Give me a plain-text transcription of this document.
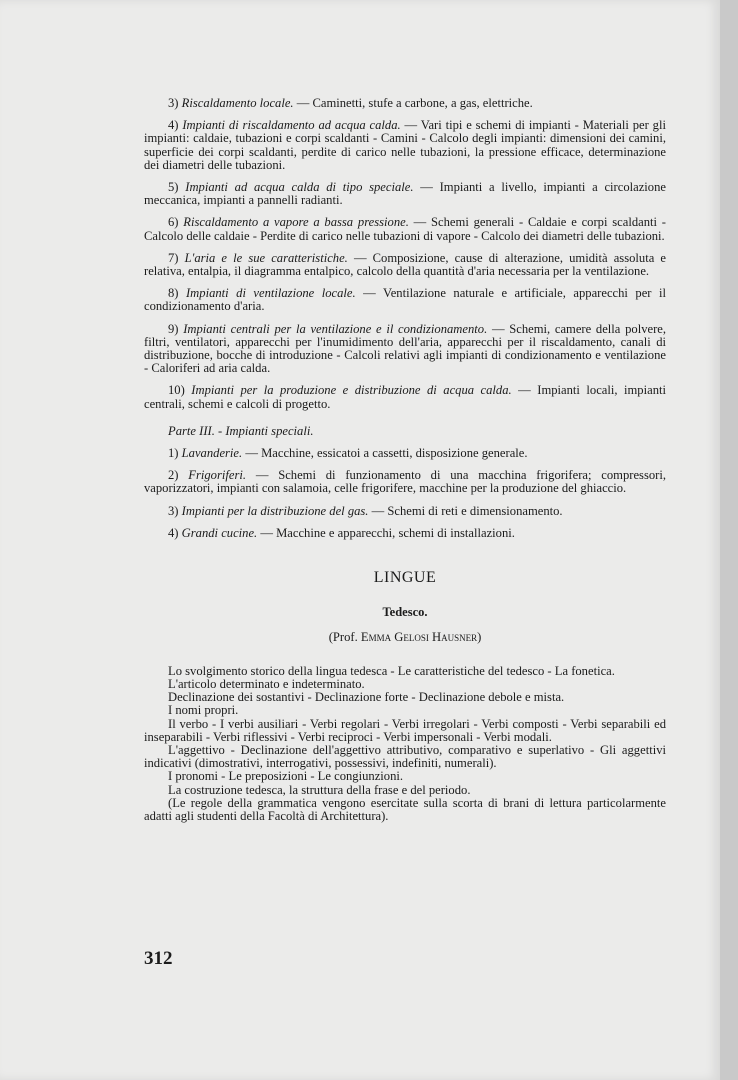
3) Riscaldamento locale. — Caminetti, stufe a carbone, a gas, elettriche.

4) Impianti di riscaldamento ad acqua calda. — Vari tipi e schemi di impianti - Materiali per gli impianti: caldaie, tubazioni e corpi scaldanti - Camini - Calcolo degli impianti: dimensioni dei camini, superficie dei corpi scaldanti, perdite di carico nelle tubazioni, la pressione efficace, determinazione dei diametri delle tubazioni.

5) Impianti ad acqua calda di tipo speciale. — Impianti a livello, impianti a circolazione meccanica, impianti a pannelli radianti.

6) Riscaldamento a vapore a bassa pressione. — Schemi generali - Caldaie e corpi scaldanti - Calcolo delle caldaie - Perdite di carico nelle tubazioni di vapore - Calcolo dei diametri delle tubazioni.

7) L'aria e le sue caratteristiche. — Composizione, cause di alterazione, umidità assoluta e relativa, entalpia, il diagramma entalpico, calcolo della quantità d'aria necessaria per la ventilazione.

8) Impianti di ventilazione locale. — Ventilazione naturale e artificiale, apparecchi per il condizionamento d'aria.

9) Impianti centrali per la ventilazione e il condizionamento. — Schemi, camere della polvere, filtri, ventilatori, apparecchi per l'inumidimento dell'aria, apparecchi per il riscaldamento, canali di distribuzione, bocche di introduzione - Calcoli relativi agli impianti di condizionamento e ventilazione - Caloriferi ad aria calda.

10) Impianti per la produzione e distribuzione di acqua calda. — Impianti locali, impianti centrali, schemi e calcoli di progetto.

Parte III. - Impianti speciali.

1) Lavanderie. — Macchine, essicatoi a cassetti, disposizione generale.

2) Frigoriferi. — Schemi di funzionamento di una macchina frigorifera; compressori, vaporizzatori, impianti con salamoia, celle frigorifere, macchine per la produzione del ghiaccio.

3) Impianti per la distribuzione del gas. — Schemi di reti e dimensionamento.

4) Grandi cucine. — Macchine e apparecchi, schemi di installazioni.

LINGUE
Tedesco.
(Prof. Emma Gelosi Hausner)

Lo svolgimento storico della lingua tedesca - Le caratteristiche del tedesco - La fonetica.

L'articolo determinato e indeterminato.

Declinazione dei sostantivi - Declinazione forte - Declinazione debole e mista.

I nomi propri.

Il verbo - I verbi ausiliari - Verbi regolari - Verbi irregolari - Verbi composti - Verbi separabili ed inseparabili - Verbi riflessivi - Verbi reciproci - Verbi impersonali - Verbi modali.

L'aggettivo - Declinazione dell'aggettivo attributivo, comparativo e superlativo - Gli aggettivi indicativi (dimostrativi, interrogativi, possessivi, indefiniti, numerali).

I pronomi - Le preposizioni - Le congiunzioni.

La costruzione tedesca, la struttura della frase e del periodo.

(Le regole della grammatica vengono esercitate sulla scorta di brani di lettura particolarmente adatti agli studenti della Facoltà di Architettura).

312
